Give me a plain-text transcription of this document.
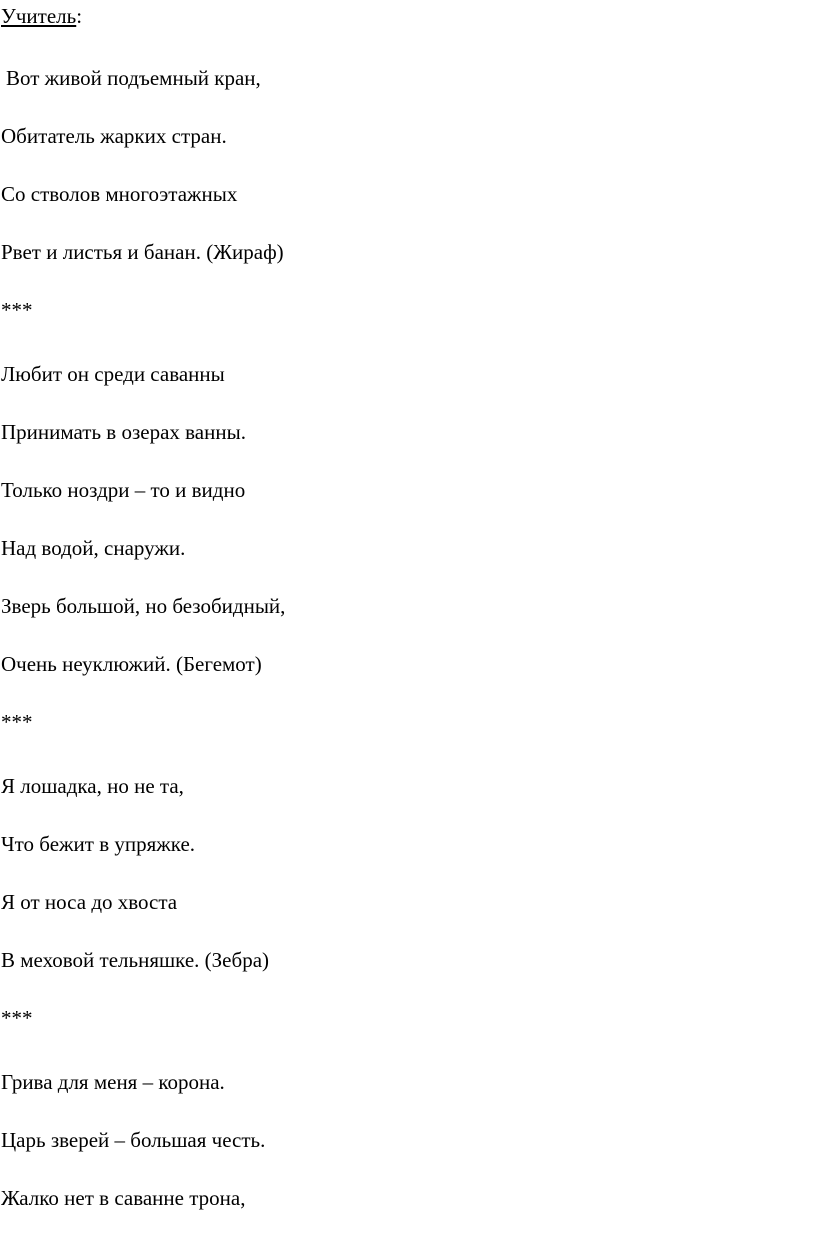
Учитель:
Вот живой подъемный кран,
Обитатель жарких стран.
Со стволов многоэтажных
Рвет и листья и банан. (Жираф)
***
Любит он среди саванны
Принимать в озерах ванны.
Только ноздри – то и видно
Над водой, снаружи.
Зверь большой, но безобидный,
Очень неуклюжий. (Бегемот)
***
Я лошадка, но не та,
Что бежит в упряжке.
Я от носа до хвоста
В меховой тельняшке. (Зебра)
***
Грива для меня – корона.
Царь зверей – большая честь.
Жалко нет в саванне трона,
